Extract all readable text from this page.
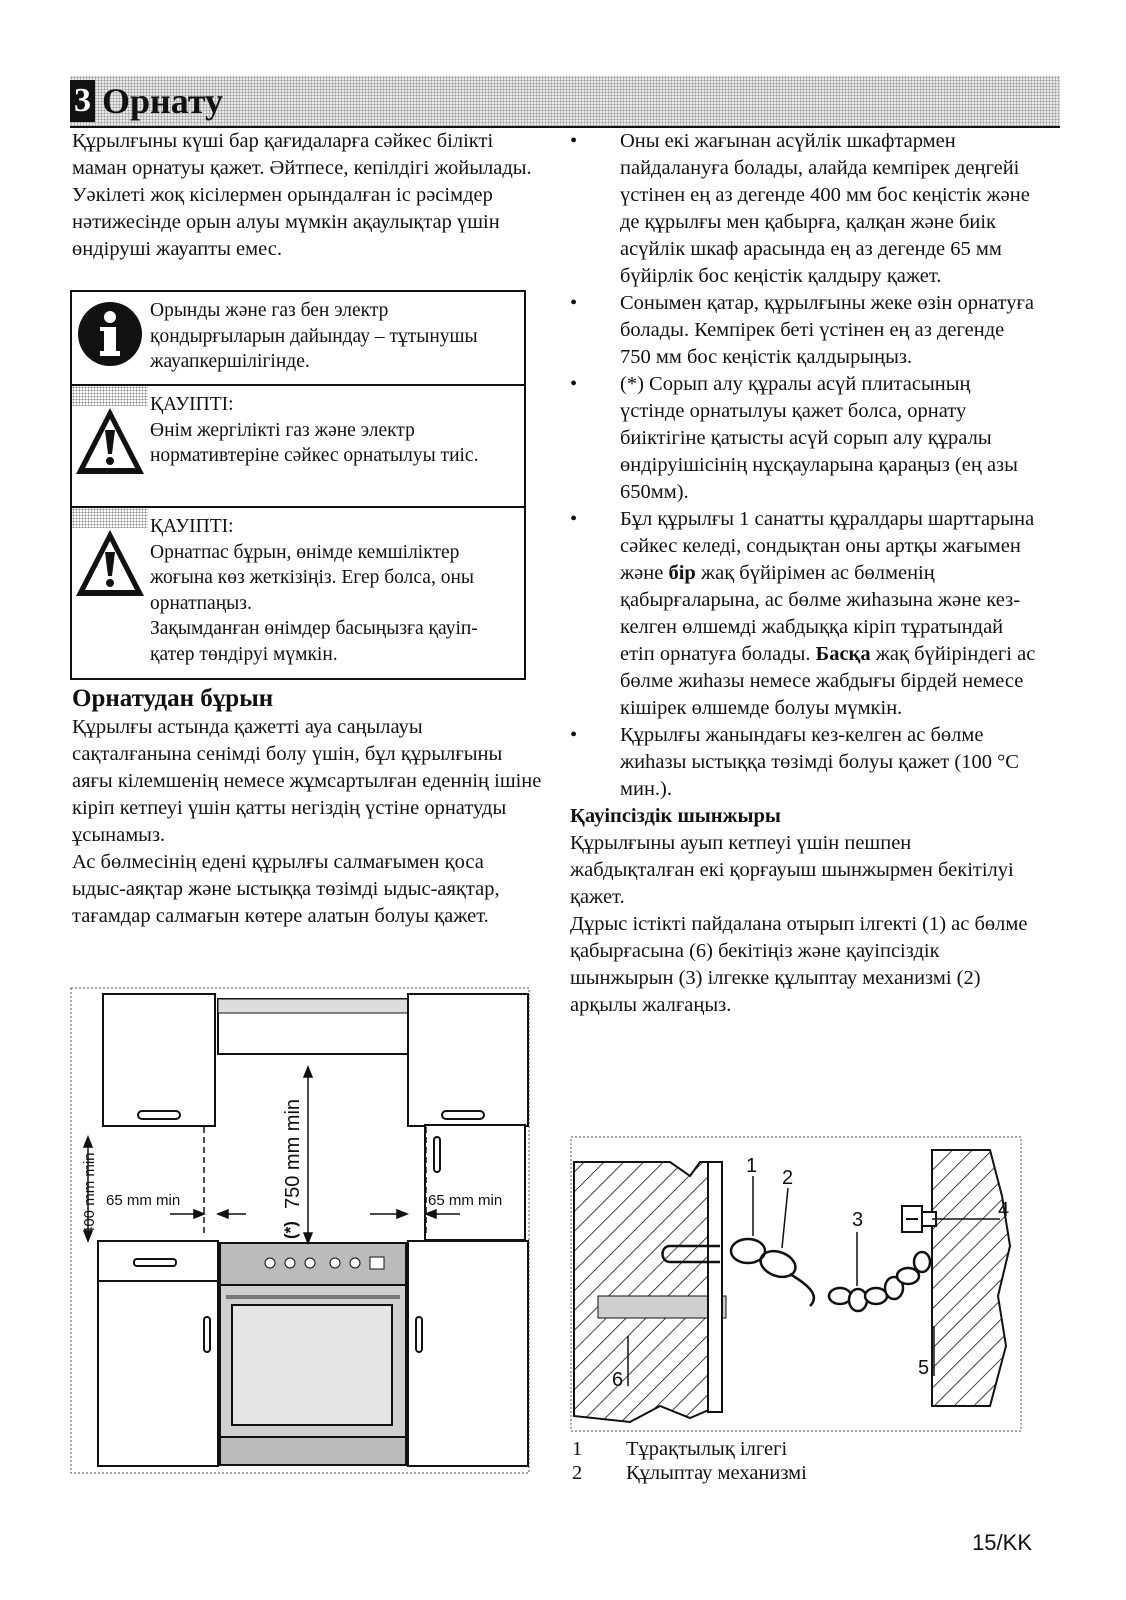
3 Орнату

Құрылғыны күші бар қағидаларға сәйкес білікті маман орнатуы қажет. Әйтпесе, кепілдігі жойылады. Уәкілеті жоқ кісілермен орындалған іс рәсімдер нәтижесінде орын алуы мүмкін ақаулықтар үшін өндіруші жауапты емес.

Орынды және газ бен электр қондырғыларын дайындау – тұтынушы жауапкершілігінде.
ҚАУІПТІ:
Өнім жергілікті газ және электр нормативтеріне сәйкес орнатылуы тиіс.
ҚАУІПТІ:
Орнатпас бұрын, өнімде кемшіліктер жоғына көз жеткізіңіз. Егер болса, оны орнатпаңыз.
Зақымданған өнімдер басыңызға қауіп-қатер төндіруі мүмкін.
Орнатудан бұрын

Құрылғы астында қажетті ауа саңылауы сақталғанына сенімді болу үшін, бұл құрылғыны аяғы кілемшенің немесе жұмсартылған еденнің ішіне кіріп кетпеуі үшін қатты негіздің үстіне орнатуды ұсынамыз.

Ас бөлмесінің едені құрылғы салмағымен қоса ыдыс-аяқтар және ыстыққа төзімді ыдыс-аяқтар, тағамдар салмағын көтере алатын болуы қажет.

400 mm min 65 mm min	65 mm min
750 mm min
(*)
• Оны екі жағынан асүйлік шкафтармен пайдалануға болады, алайда кемпірек деңгейі үстінен ең аз дегенде 400 мм бос кеңістік және де құрылғы мен қабырға, қалқан және биік асүйлік шкаф арасында ең аз дегенде 65 мм бүйірлік бос кеңістік қалдыру қажет.
• Сонымен қатар, құрылғыны жеке өзін орнатуға болады. Кемпірек беті үстінен ең аз дегенде 750 мм бос кеңістік қалдырыңыз.
• (*) Сорып алу құралы асүй плитасының үстінде орнатылуы қажет болса, орнату биіктігіне қатысты асүй сорып алу құралы өндіруішісінің нұсқауларына қараңыз (ең азы 650мм).
• Бұл құрылғы 1 санатты құралдары шарттарына сәйкес келеді, сондықтан оны артқы жағымен және бір жақ бүйірімен ас бөлменің қабырғаларына, ас бөлме жиһазына және кез-келген өлшемді жабдыққа кіріп тұратындай етіп орнатуға болады. Басқа жақ бүйіріндегі ас бөлме жиһазы немесе жабдығы бірдей немесе кішірек өлшемде болуы мүмкін.
• Құрылғы жанындағы кез-келген ас бөлме жиһазы ыстыққа төзімді болуы қажет (100 °C мин.).
Қауіпсіздік шынжыры

Құрылғыны ауып кетпеуі үшін пешпен жабдықталған екі қорғауыш шынжырмен бекітілуі қажет.

Дұрыс істікті пайдалана отырып ілгекті (1) ас бөлме қабырғасына (6) бекітіңіз және қауіпсіздік шынжырын (3) ілгекке құлыптау механизмі (2) арқылы жалғаңыз.

1
2
3	4
5
6
1 Тұрақтылық ілгегі
2 Құлыптау механизмі
15/KK
